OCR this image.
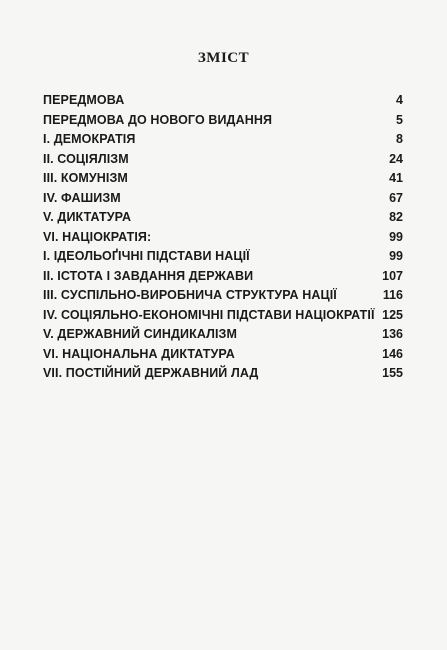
ЗМІСТ
ПЕРЕДМОВА	4
ПЕРЕДМОВА ДО НОВОГО ВИДАННЯ	5
І. ДЕМОКРАТІЯ	8
II. СОЦІЯЛІЗМ	24
III. КОМУНІЗМ	41
IV. ФАШИЗМ	67
V. ДИКТАТУРА	82
VI. НАЦІОКРАТІЯ:	99
І. ІДЕОЛЬОҐІЧНІ ПІДСТАВИ НАЦІЇ	99
II. ІСТОТА І ЗАВДАННЯ ДЕРЖАВИ	107
III. СУСПІЛЬНО-ВИРОБНИЧА СТРУКТУРА НАЦІЇ	116
IV. СОЦІЯЛЬНО-ЕКОНОМІЧНІ ПІДСТАВИ НАЦІОКРАТІЇ 125
V. ДЕРЖАВНИЙ СИНДИКАЛІЗМ	136
VI. НАЦІОНАЛЬНА ДИКТАТУРА	146
VII. ПОСТІЙНИЙ ДЕРЖАВНИЙ ЛАД	155
